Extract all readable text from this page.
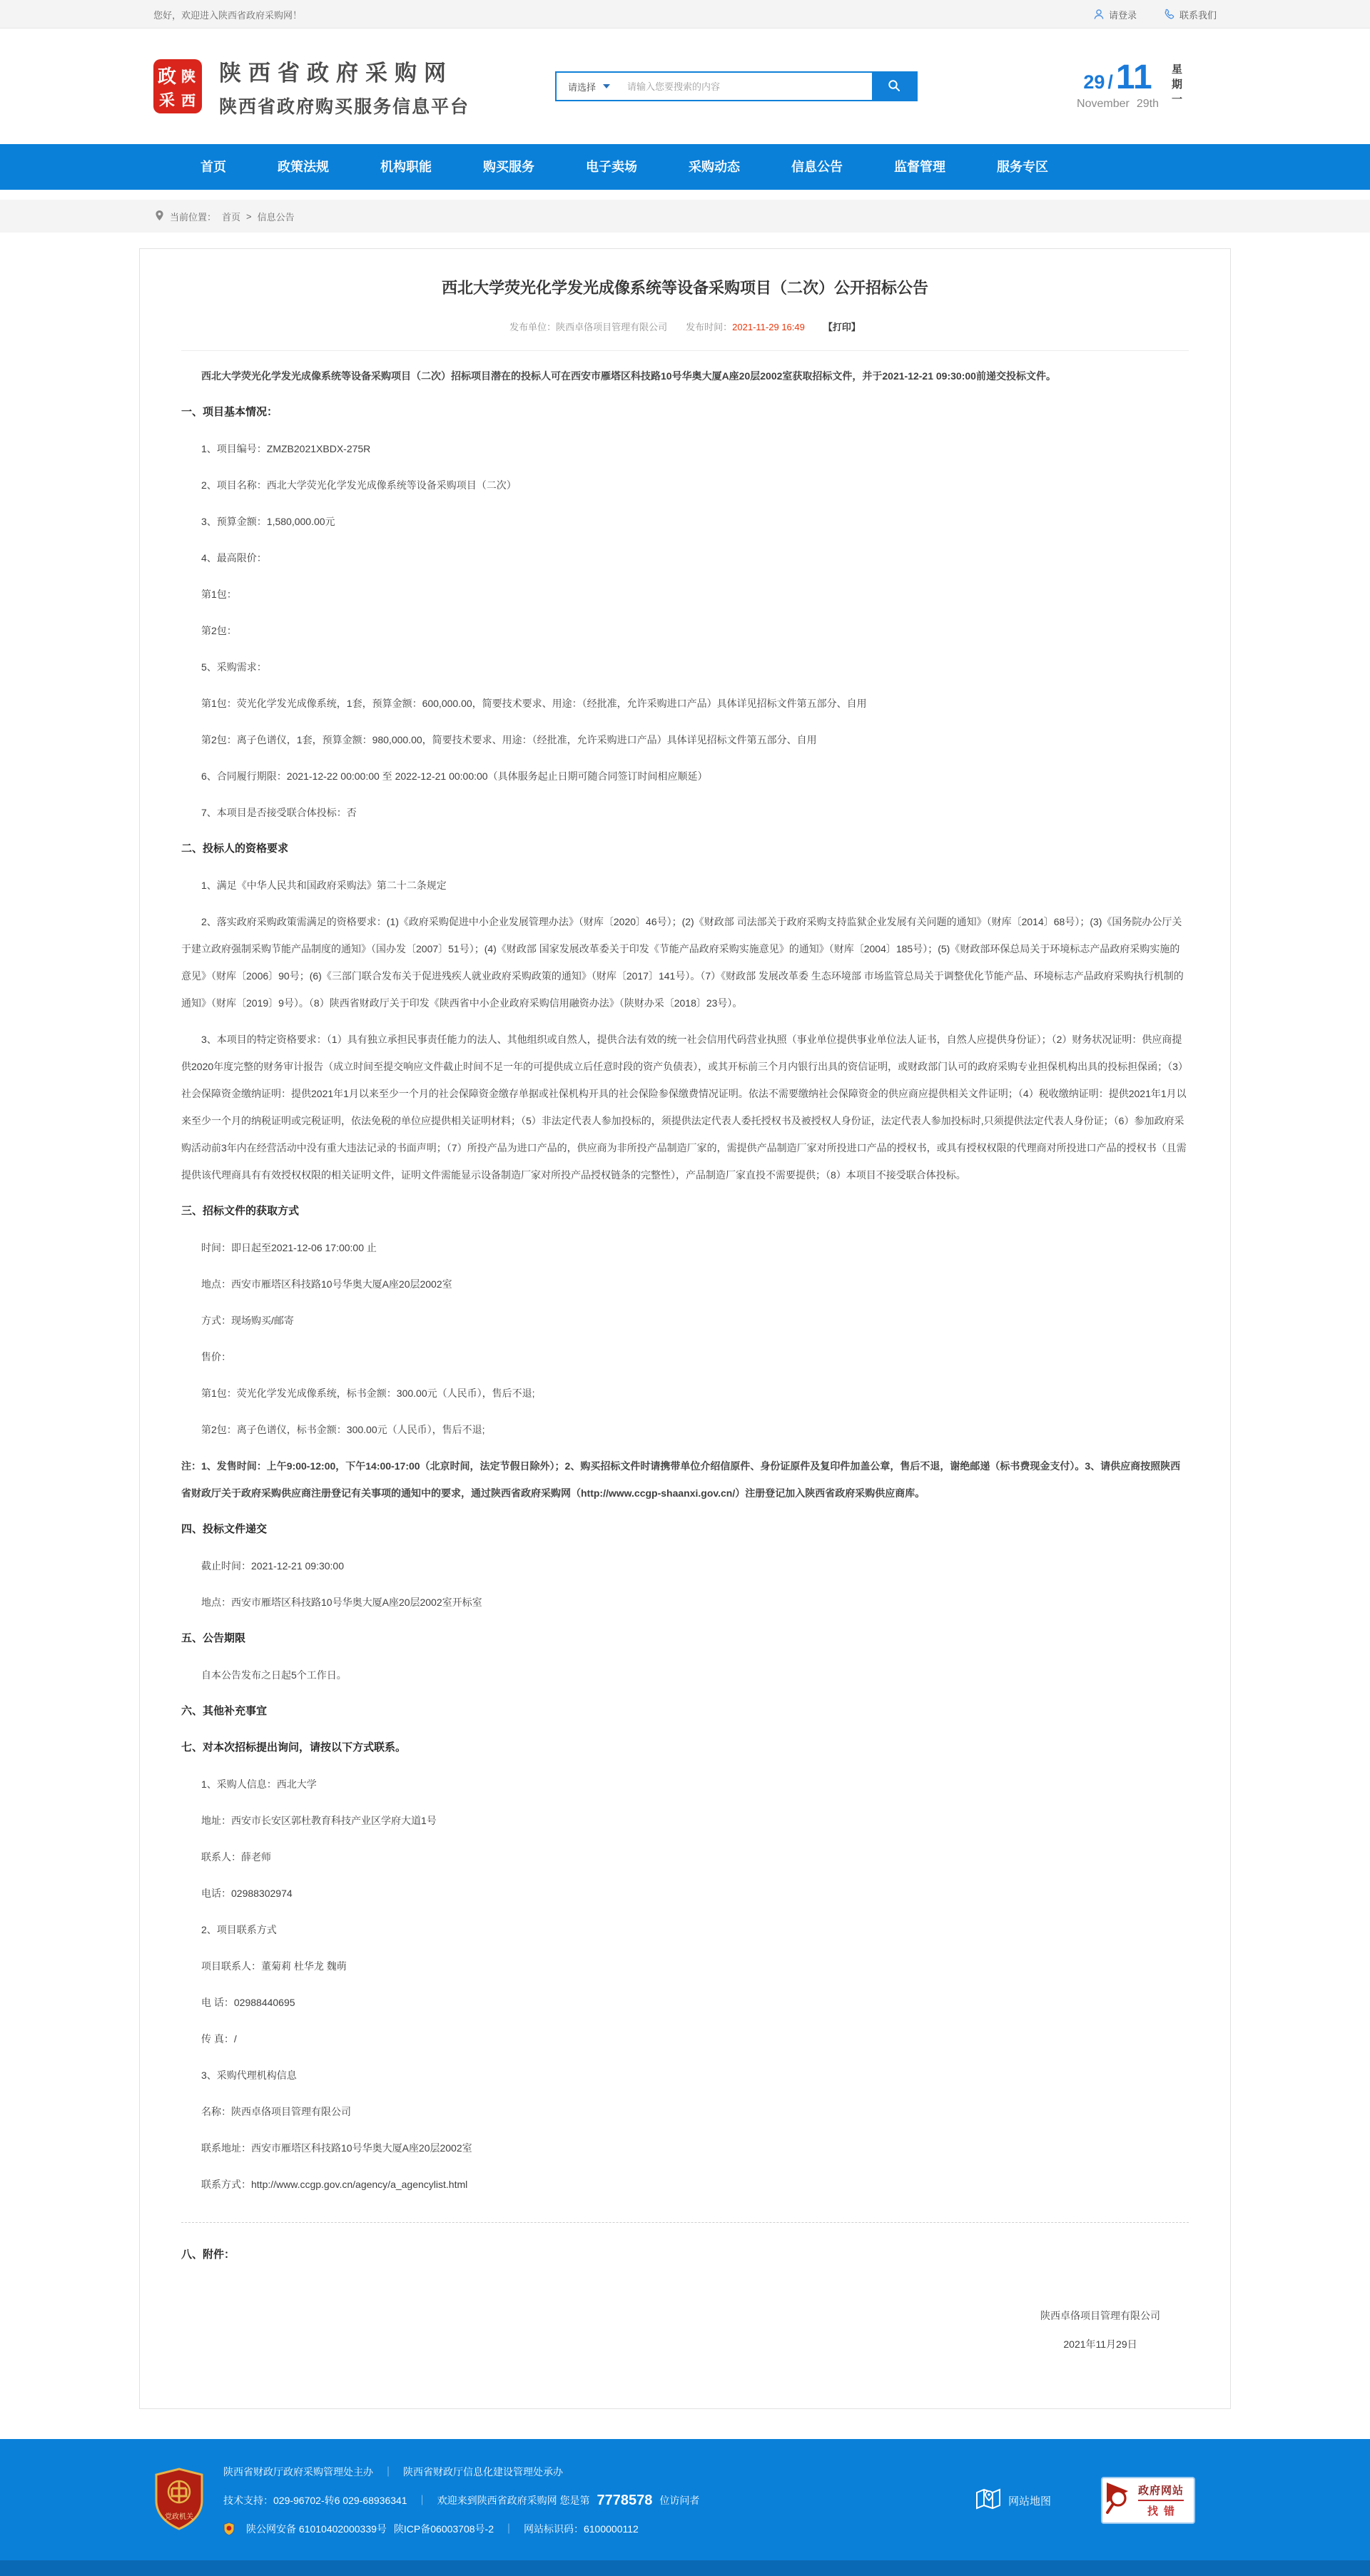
您好，欢迎进入陕西省政府采购网！	请登录	联系我们
政 陕
采 西
陕西省政府采购网
陕西省政府购买服务信息平台
请选择
请输入您要搜索的内容	29 / 11
November 29th 星期一
首页	政策法规	机构职能	购买服务	电子卖场	采购动态	信息公告	监督管理	服务专区
当前位置： 首页 > 信息公告
西北大学荧光化学发光成像系统等设备采购项目（二次）公开招标公告
发布单位：陕西卓佫项目管理有限公司 发布时间：2021-11-29 16:49 【打印】

西北大学荧光化学发光成像系统等设备采购项目（二次）招标项目潜在的投标人可在西安市雁塔区科技路10号华奥大厦A座20层2002室获取招标文件，并于2021-12-21 09:30:00前递交投标文件。

一、项目基本情况：

1、项目编号：ZMZB2021XBDX-275R

2、项目名称：西北大学荧光化学发光成像系统等设备采购项目（二次）

3、预算金额：1,580,000.00元

4、最高限价：

第1包：

第2包：

5、采购需求：

第1包：荧光化学发光成像系统，1套，预算金额：600,000.00，简要技术要求、用途：（经批准，允许采购进口产品）具体详见招标文件第五部分、自用

第2包：离子色谱仪，1套，预算金额：980,000.00，简要技术要求、用途：（经批准，允许采购进口产品）具体详见招标文件第五部分、自用

6、合同履行期限：2021-12-22 00:00:00 至 2022-12-21 00:00:00（具体服务起止日期可随合同签订时间相应顺延）

7、本项目是否接受联合体投标：否

二、投标人的资格要求

1、满足《中华人民共和国政府采购法》第二十二条规定

2、落实政府采购政策需满足的资格要求：(1)《政府采购促进中小企业发展管理办法》（财库〔2020〕46号）；(2)《财政部 司法部关于政府采购支持监狱企业发展有关问题的通知》（财库〔2014〕68号）；(3)《国务院办公厅关于建立政府强制采购节能产品制度的通知》（国办发〔2007〕51号）；(4)《财政部 国家发展改革委关于印发《节能产品政府采购实施意见》的通知》（财库〔2004〕185号）；(5)《财政部环保总局关于环境标志产品政府采购实施的意见》（财库〔2006〕90号；(6)《三部门联合发布关于促进残疾人就业政府采购政策的通知》（财库〔2017〕141号）。（7）《财政部 发展改革委 生态环境部 市场监管总局关于调整优化节能产品、环境标志产品政府采购执行机制的通知》（财库〔2019〕9号）。（8）陕西省财政厅关于印发《陕西省中小企业政府采购信用融资办法》（陕财办采〔2018〕23号）。

3、本项目的特定资格要求：（1）具有独立承担民事责任能力的法人、其他组织或自然人，提供合法有效的统一社会信用代码营业执照（事业单位提供事业单位法人证书，自然人应提供身份证）；（2）财务状况证明：供应商提供2020年度完整的财务审计报告（成立时间至提交响应文件截止时间不足一年的可提供成立后任意时段的资产负债表），或其开标前三个月内银行出具的资信证明，或财政部门认可的政府采购专业担保机构出具的投标担保函；（3）社会保障资金缴纳证明：提供2021年1月以来至少一个月的社会保障资金缴存单据或社保机构开具的社会保险参保缴费情况证明。依法不需要缴纳社会保障资金的供应商应提供相关文件证明；（4）税收缴纳证明：提供2021年1月以来至少一个月的纳税证明或完税证明，依法免税的单位应提供相关证明材料；（5）非法定代表人参加投标的，须提供法定代表人委托授权书及被授权人身份证，法定代表人参加投标时,只须提供法定代表人身份证；（6）参加政府采购活动前3年内在经营活动中没有重大违法记录的书面声明；（7）所投产品为进口产品的，供应商为非所投产品制造厂家的，需提供产品制造厂家对所投进口产品的授权书，或具有授权权限的代理商对所投进口产品的授权书（且需提供该代理商具有有效授权权限的相关证明文件，证明文件需能显示设备制造厂家对所投产品授权链条的完整性），产品制造厂家直投不需要提供；（8）本项目不接受联合体投标。

三、招标文件的获取方式

时间：即日起至2021-12-06 17:00:00 止

地点：西安市雁塔区科技路10号华奥大厦A座20层2002室

方式：现场购买/邮寄

售价：

第1包：荧光化学发光成像系统，标书金额：300.00元（人民币），售后不退;

第2包：离子色谱仪，标书金额：300.00元（人民币），售后不退;

注：1、发售时间：上午9:00-12:00，下午14:00-17:00（北京时间，法定节假日除外）；2、购买招标文件时请携带单位介绍信原件、身份证原件及复印件加盖公章，售后不退，谢绝邮递（标书费现金支付）。3、请供应商按照陕西省财政厅关于政府采购供应商注册登记有关事项的通知中的要求，通过陕西省政府采购网（http://www.ccgp-shaanxi.gov.cn/）注册登记加入陕西省政府采购供应商库。

四、投标文件递交

截止时间：2021-12-21 09:30:00

地点：西安市雁塔区科技路10号华奥大厦A座20层2002室开标室

五、公告期限

自本公告发布之日起5个工作日。

六、其他补充事宜

七、对本次招标提出询问，请按以下方式联系。

1、采购人信息：西北大学

地址：西安市长安区郭杜教育科技产业区学府大道1号

联系人：薛老师

电话：02988302974

2、项目联系方式

项目联系人：董菊莉 杜华龙 魏萌

电 话：02988440695

传 真：/

3、采购代理机构信息

名称：陕西卓佫项目管理有限公司

联系地址：西安市雁塔区科技路10号华奥大厦A座20层2002室

联系方式：http://www.ccgp.gov.cn/agency/a_agencylist.html

八、附件：
陕西卓佫项目管理有限公司
2021年11月29日
党政机关
陕西省财政厅政府采购管理处主办 ｜ 陕西省财政厅信息化建设管理处承办
技术支持：029-96702-转6 029-68936341 ｜ 欢迎来到陕西省政府采购网 您是第 7778578 位访问者
陕公网安备 61010402000339号 陕ICP备06003708号-2 ｜ 网站标识码：6100000112
网站地图
政府网站
找错
